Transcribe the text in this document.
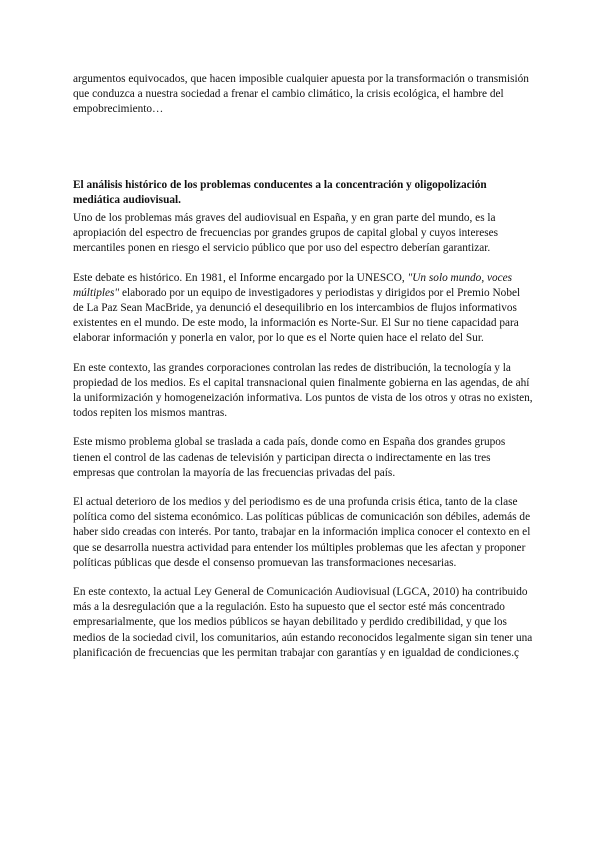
argumentos equivocados, que hacen imposible cualquier apuesta por la transformación o transmisión que conduzca a nuestra sociedad a frenar el cambio climático, la crisis ecológica, el hambre del empobrecimiento…

El análisis histórico de los problemas conducentes a la concentración y oligopolización mediática audiovisual.

Uno de los problemas más graves del audiovisual en España, y en gran parte del mundo, es la apropiación del espectro de frecuencias por grandes grupos de capital global y cuyos intereses mercantiles ponen en riesgo el servicio público que por uso del espectro deberían garantizar.

Este debate es histórico. En 1981, el Informe encargado por la UNESCO, "Un solo mundo, voces múltiples" elaborado por un equipo de investigadores y periodistas y dirigidos por el Premio Nobel de La Paz Sean MacBride, ya denunció el desequilibrio en los intercambios de flujos informativos existentes en el mundo. De este modo, la información es Norte-Sur. El Sur no tiene capacidad para elaborar información y ponerla en valor, por lo que es el Norte quien hace el relato del Sur.

En este contexto, las grandes corporaciones controlan las redes de distribución, la tecnología y la propiedad de los medios. Es el capital transnacional quien finalmente gobierna en las agendas, de ahí la uniformización y homogeneización informativa. Los puntos de vista de los otros y otras no existen, todos repiten los mismos mantras.

Este mismo problema global se traslada a cada país, donde como en España dos grandes grupos tienen el control de las cadenas de televisión y participan directa o indirectamente en las tres empresas que controlan la mayoría de las frecuencias privadas del país.

El actual deterioro de los medios y del periodismo es de una profunda crisis ética, tanto de la clase política como del sistema económico. Las políticas públicas de comunicación son débiles, además de haber sido creadas con interés. Por tanto, trabajar en la información implica conocer el contexto en el que se desarrolla nuestra actividad para entender los múltiples problemas que les afectan y proponer políticas públicas que desde el consenso promuevan las transformaciones necesarias.

En este contexto, la actual Ley General de Comunicación Audiovisual (LGCA, 2010) ha contribuido más a la desregulación que a la regulación. Esto ha supuesto que el sector esté más concentrado empresarialmente, que los medios públicos se hayan debilitado y perdido credibilidad, y que los medios de la sociedad civil, los comunitarios, aún estando reconocidos legalmente sigan sin tener una planificación de frecuencias que les permitan trabajar con garantías y en igualdad de condiciones.ç
